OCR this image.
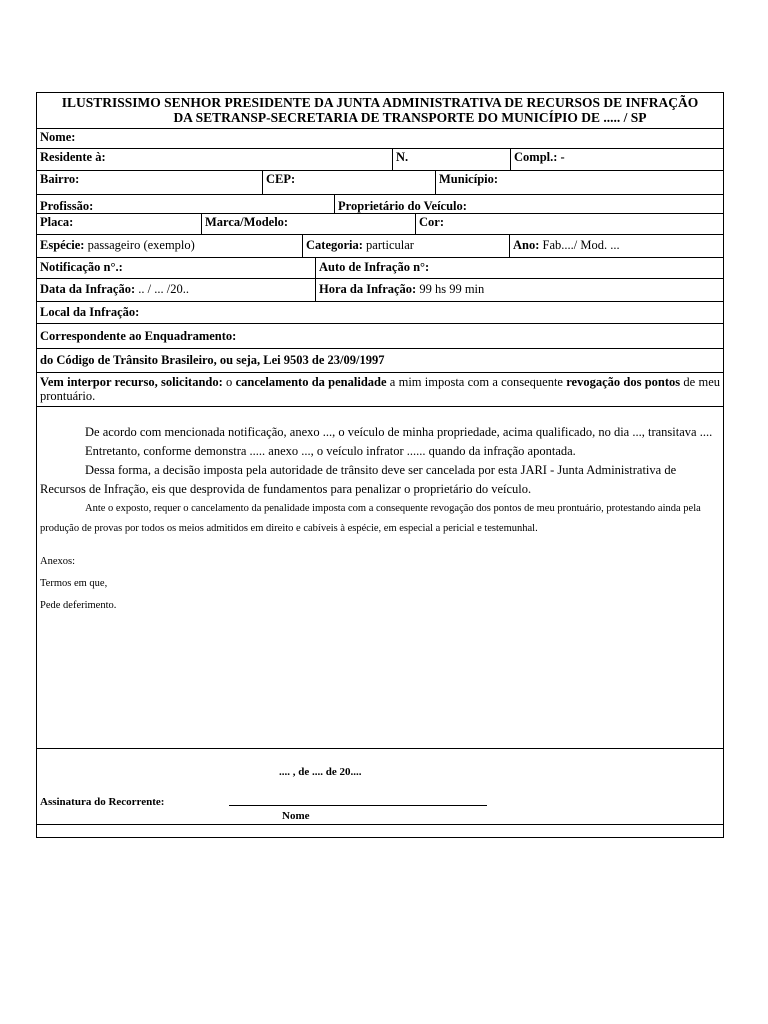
ILUSTRISSIMO SENHOR PRESIDENTE DA JUNTA ADMINISTRATIVA DE RECURSOS DE INFRAÇÃO
DA SETRANSP-SECRETARIA DE TRANSPORTE DO MUNICÍPIO DE ..... / SP
Nome:
Residente à:	N.	Compl.: -
Bairro:	CEP:	Município:
Profissão:	Proprietário do Veículo:
Placa:	Marca/Modelo:	Cor:
Espécie: passageiro (exemplo)	Categoria: particular	Ano: Fab..../ Mod. ...
Notificação n°.:	Auto de Infração n°:
Data da Infração: .. / ... /20..	Hora da Infração: 99 hs 99 min
Local da Infração:
Correspondente ao Enquadramento:
do Código de Trânsito Brasileiro, ou seja, Lei 9503 de 23/09/1997
Vem interpor recurso, solicitando: o cancelamento da penalidade a mim imposta com a consequente revogação dos pontos de meu prontuário.

De acordo com mencionada notificação, anexo ..., o veículo de minha propriedade, acima qualificado, no dia ..., transitava ....

Entretanto, conforme demonstra ..... anexo ..., o veículo infrator ...... quando da infração apontada.

Dessa forma, a decisão imposta pela autoridade de trânsito deve ser cancelada por esta JARI - Junta Administrativa de Recursos de Infração, eis que desprovida de fundamentos para penalizar o proprietário do veículo.

Ante o exposto, requer o cancelamento da penalidade imposta com a consequente revogação dos pontos de meu prontuário, protestando ainda pela produção de provas por todos os meios admitidos em direito e cabíveis à espécie, em especial a pericial e testemunhal.

Anexos:

Termos em que,

Pede deferimento.

.... , de .... de 20....
Assinatura do Recorrente:
Nome
